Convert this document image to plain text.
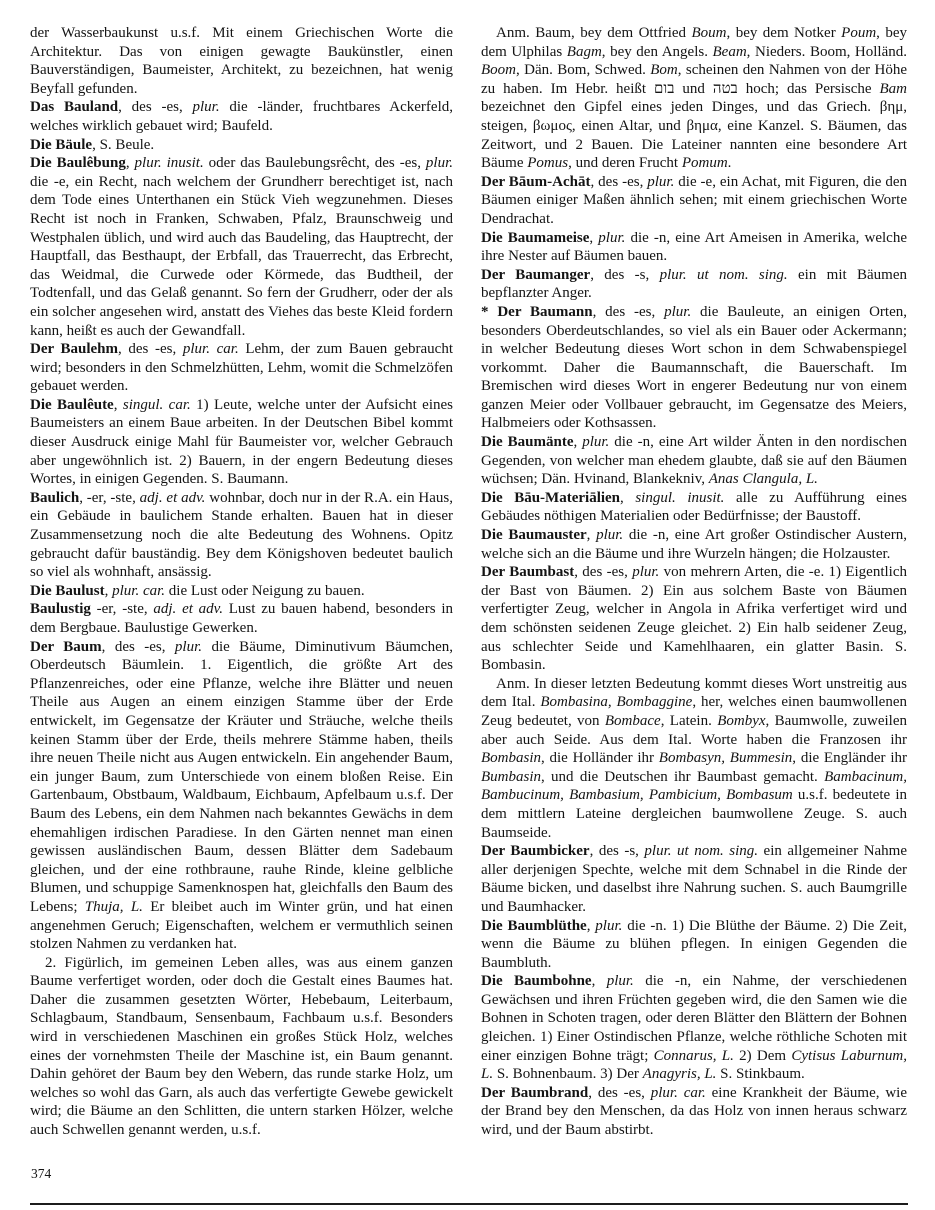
der Wasserbaukunst u.s.f. Mit einem Griechischen Worte die Architektur. Das von einigen gewagte Baukünstler, einen Bauverständigen, Baumeister, Architekt, zu bezeichnen, hat wenig Beyfall gefunden.

Das Bauland, des -es, plur. die -länder, fruchtbares Ackerfeld, welches wirklich gebauet wird; Baufeld.

Die Bäule, S. Beule.

Die Baulêbung, plur. inusit. oder das Baulebungsrêcht, des -es, plur. die -e, ein Recht, nach welchem der Grundherr berechtiget ist, nach dem Tode eines Unterthanen ein Stück Vieh wegzunehmen. Dieses Recht ist noch in Franken, Schwaben, Pfalz, Braunschweig und Westphalen üblich, und wird auch das Baudeling, das Hauptrecht, der Hauptfall, das Besthaupt, der Erbfall, das Trauerrecht, das Erbrecht, das Weidmal, die Curwede oder Körmede, das Budtheil, der Todtenfall, und das Gelaß genannt. So fern der Grudherr, oder der als ein solcher angesehen wird, anstatt des Viehes das beste Kleid fordern kann, heißt es auch der Gewandfall.

Der Baulehm, des -es, plur. car. Lehm, der zum Bauen gebraucht wird; besonders in den Schmelzhütten, Lehm, womit die Schmelzöfen gebauet werden.

Die Baulêute, singul. car. 1) Leute, welche unter der Aufsicht eines Baumeisters an einem Baue arbeiten. In der Deutschen Bibel kommt dieser Ausdruck einige Mahl für Baumeister vor, welcher Gebrauch aber ungewöhnlich ist. 2) Bauern, in der engern Bedeutung dieses Wortes, in einigen Gegenden. S. Baumann.

Baulich, -er, -ste, adj. et adv. wohnbar, doch nur in der R.A. ein Haus, ein Gebäude in baulichem Stande erhalten. Bauen hat in dieser Zusammensetzung noch die alte Bedeutung des Wohnens. Opitz gebraucht dafür bauständig. Bey dem Königshoven bedeutet baulich so viel als wohnhaft, ansässig.

Die Baulust, plur. car. die Lust oder Neigung zu bauen.

Baulustig -er, -ste, adj. et adv. Lust zu bauen habend, besonders in dem Bergbaue. Baulustige Gewerken.

Der Baum, des -es, plur. die Bäume, Diminutivum Bäumchen, Oberdeutsch Bäumlein. 1. Eigentlich, die größte Art des Pflanzenreiches, oder eine Pflanze, welche ihre Blätter und neuen Theile aus Augen an einem einzigen Stamme über der Erde entwickelt, im Gegensatze der Kräuter und Sträuche, welche theils keinen Stamm über der Erde, theils mehrere Stämme haben, theils ihre neuen Theile nicht aus Augen entwickeln. Ein angehender Baum, ein junger Baum, zum Unterschiede von einem bloßen Reise. Ein Gartenbaum, Obstbaum, Waldbaum, Eichbaum, Apfelbaum u.s.f. Der Baum des Lebens, ein dem Nahmen nach bekanntes Gewächs in dem ehemahligen irdischen Paradiese. In den Gärten nennet man einen gewissen ausländischen Baum, dessen Blätter dem Sadebaum gleichen, und der eine rothbraune, rauhe Rinde, kleine gelbliche Blumen, und schuppige Samenknospen hat, gleichfalls den Baum des Lebens; Thuja, L. Er bleibet auch im Winter grün, und hat einen angenehmen Geruch; Eigenschaften, welchem er vermuthlich seinen stolzen Nahmen zu verdanken hat.

2. Figürlich, im gemeinen Leben alles, was aus einem ganzen Baume verfertiget worden, oder doch die Gestalt eines Baumes hat. Daher die zusammen gesetzten Wörter, Hebebaum, Leiterbaum, Schlagbaum, Standbaum, Sensenbaum, Fachbaum u.s.f. Besonders wird in verschiedenen Maschinen ein großes Stück Holz, welches eines der vornehmsten Theile der Maschine ist, ein Baum genannt. Dahin gehöret der Baum bey den Webern, das runde starke Holz, um welches so wohl das Garn, als auch das verfertigte Gewebe gewickelt wird; die Bäume an den Schlitten, die untern starken Hölzer, welche auch Schwellen genannt werden, u.s.f.

Anm. Baum, bey dem Ottfried Boum, bey dem Notker Poum, bey dem Ulphilas Bagm, bey den Angels. Beam, Nieders. Boom, Holländ. Boom, Dän. Bom, Schwed. Bom, scheinen den Nahmen von der Höhe zu haben. Im Hebr. heißt בום und בטה hoch; das Persische Bam bezeichnet den Gipfel eines jeden Dinges, und das Griech. βημ, steigen, βωμος, einen Altar, und βημα, eine Kanzel. S. Bäumen, das Zeitwort, und 2 Bauen. Die Lateiner nannten eine besondere Art Bäume Pomus, und deren Frucht Pomum.

Der Bāum-Achāt, des -es, plur. die -e, ein Achat, mit Figuren, die den Bäumen einiger Maßen ähnlich sehen; mit einem griechischen Worte Dendrachat.

Die Baumameise, plur. die -n, eine Art Ameisen in Amerika, welche ihre Nester auf Bäumen bauen.

Der Baumanger, des -s, plur. ut nom. sing. ein mit Bäumen bepflanzter Anger.

* Der Baumann, des -es, plur. die Bauleute, an einigen Orten, besonders Oberdeutschlandes, so viel als ein Bauer oder Ackermann; in welcher Bedeutung dieses Wort schon in dem Schwabenspiegel vorkommt. Daher die Baumannschaft, die Bauerschaft. Im Bremischen wird dieses Wort in engerer Bedeutung nur von einem ganzen Meier oder Vollbauer gebraucht, im Gegensatze des Meiers, Halbmeiers oder Kothsassen.

Die Baumänte, plur. die -n, eine Art wilder Änten in den nordischen Gegenden, von welcher man ehedem glaubte, daß sie auf den Bäumen wüchsen; Dän. Hvinand, Blankekniv, Anas Clangula, L.

Die Bāu-Materiālien, singul. inusit. alle zu Aufführung eines Gebäudes nöthigen Materialien oder Bedürfnisse; der Baustoff.

Die Baumauster, plur. die -n, eine Art großer Ostindischer Austern, welche sich an die Bäume und ihre Wurzeln hängen; die Holzauster.

Der Baumbast, des -es, plur. von mehrern Arten, die -e. 1) Eigentlich der Bast von Bäumen. 2) Ein aus solchem Baste von Bäumen verfertigter Zeug, welcher in Angola in Afrika verfertiget wird und dem schönsten seidenen Zeuge gleichet. 2) Ein halb seidener Zeug, aus schlechter Seide und Kamehlhaaren, ein glatter Basin. S. Bombasin.

Anm. In dieser letzten Bedeutung kommt dieses Wort unstreitig aus dem Ital. Bombasina, Bombaggine, her, welches einen baumwollenen Zeug bedeutet, von Bombace, Latein. Bombyx, Baumwolle, zuweilen aber auch Seide. Aus dem Ital. Worte haben die Franzosen ihr Bombasin, die Holländer ihr Bombasyn, Bummesin, die Engländer ihr Bumbasin, und die Deutschen ihr Baumbast gemacht. Bambacinum, Bambucinum, Bambasium, Pambicium, Bombasum u.s.f. bedeutete in dem mittlern Lateine dergleichen baumwollene Zeuge. S. auch Baumseide.

Der Baumbicker, des -s, plur. ut nom. sing. ein allgemeiner Nahme aller derjenigen Spechte, welche mit dem Schnabel in die Rinde der Bäume bicken, und daselbst ihre Nahrung suchen. S. auch Baumgrille und Baumhacker.

Die Baumblüthe, plur. die -n. 1) Die Blüthe der Bäume. 2) Die Zeit, wenn die Bäume zu blühen pflegen. In einigen Gegenden die Baumbluth.

Die Baumbohne, plur. die -n, ein Nahme, der verschiedenen Gewächsen und ihren Früchten gegeben wird, die den Samen wie die Bohnen in Schoten tragen, oder deren Blätter den Blättern der Bohnen gleichen. 1) Einer Ostindischen Pflanze, welche röthliche Schoten mit einer einzigen Bohne trägt; Connarus, L. 2) Dem Cytisus Laburnum, L. S. Bohnenbaum. 3) Der Anagyris, L. S. Stinkbaum.

Der Baumbrand, des -es, plur. car. eine Krankheit der Bäume, wie der Brand bey den Menschen, da das Holz von innen heraus schwarz wird, und der Baum abstirbt.

374
